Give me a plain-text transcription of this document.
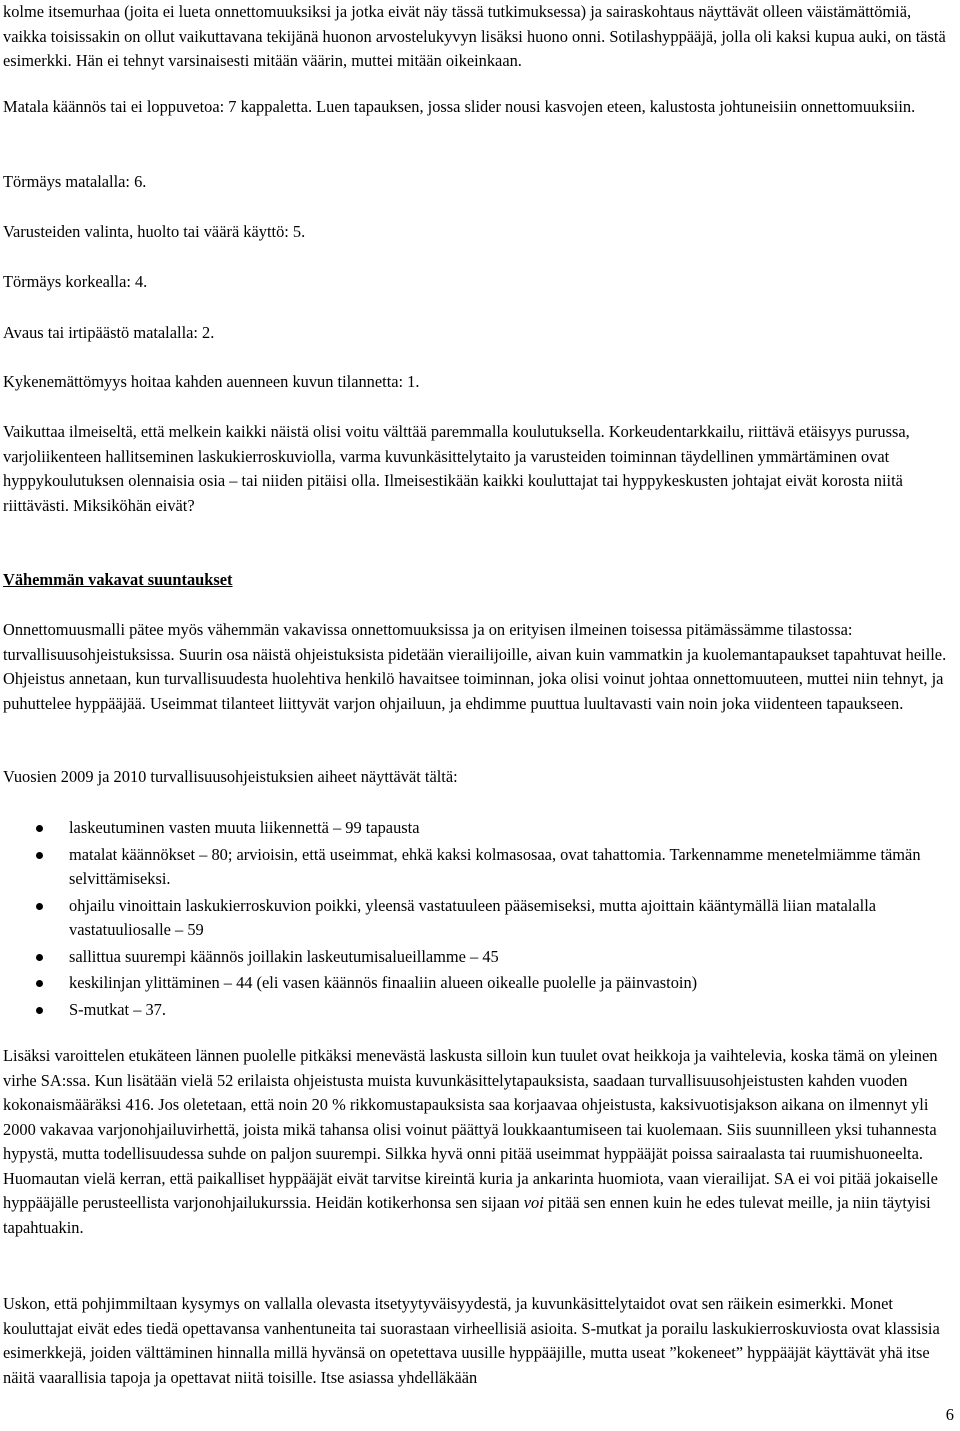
kolme itsemurhaa (joita ei lueta onnettomuuksiksi ja jotka eivät näy tässä tutkimuksessa) ja sairaskohtaus näyttävät olleen väistämättömiä, vaikka toisissakin on ollut vaikuttavana tekijänä huonon arvostelukyvyn lisäksi huono onni. Sotilashyppääjä, jolla oli kaksi kupua auki, on tästä esimerkki. Hän ei tehnyt varsinaisesti mitään väärin, muttei mitään oikeinkaan.

Matala käännös tai ei loppuvetoa: 7 kappaletta. Luen tapauksen, jossa slider nousi kasvojen eteen, kalustosta johtuneisiin onnettomuuksiin.

Törmäys matalalla: 6.

Varusteiden valinta, huolto tai väärä käyttö: 5.

Törmäys korkealla: 4.

Avaus tai irtipäästö matalalla: 2.

Kykenemättömyys hoitaa kahden auenneen kuvun tilannetta: 1.

Vaikuttaa ilmeiseltä, että melkein kaikki näistä olisi voitu välttää paremmalla koulutuksella. Korkeudentarkkailu, riittävä etäisyys purussa, varjoliikenteen hallitseminen laskukierroskuviolla, varma kuvunkäsittelytaito ja varusteiden toiminnan täydellinen ymmärtäminen ovat hyppykoulutuksen olennaisia osia – tai niiden pitäisi olla. Ilmeisestikään kaikki kouluttajat tai hyppykeskusten johtajat eivät korosta niitä riittävästi. Miksiköhän eivät?

Vähemmän vakavat suuntaukset

Onnettomuusmalli pätee myös vähemmän vakavissa onnettomuuksissa ja on erityisen ilmeinen toisessa pitämässämme tilastossa: turvallisuusohjeistuksissa. Suurin osa näistä ohjeistuksista pidetään vierailijoille, aivan kuin vammatkin ja kuolemantapaukset tapahtuvat heille. Ohjeistus annetaan, kun turvallisuudesta huolehtiva henkilö havaitsee toiminnan, joka olisi voinut johtaa onnettomuuteen, muttei niin tehnyt, ja puhuttelee hyppääjää. Useimmat tilanteet liittyvät varjon ohjailuun, ja ehdimme puuttua luultavasti vain noin joka viidenteen tapaukseen.

Vuosien 2009 ja 2010 turvallisuusohjeistuksien aiheet näyttävät tältä:

laskeutuminen vasten muuta liikennettä – 99 tapausta
matalat käännökset – 80; arvioisin, että useimmat, ehkä kaksi kolmasosaa, ovat tahattomia. Tarkennamme menetelmiämme tämän selvittämiseksi.
ohjailu vinoittain laskukierroskuvion poikki, yleensä vastatuuleen pääsemiseksi, mutta ajoittain kääntymällä liian matalalla vastatuuliosalle – 59
sallittua suurempi käännös joillakin laskeutumisalueillamme – 45
keskilinjan ylittäminen – 44 (eli vasen käännös finaaliin alueen oikealle puolelle ja päinvastoin)
S-mutkat – 37.

Lisäksi varoittelen etukäteen lännen puolelle pitkäksi menevästä laskusta silloin kun tuulet ovat heikkoja ja vaihtelevia, koska tämä on yleinen virhe SA:ssa. Kun lisätään vielä 52 erilaista ohjeistusta muista kuvunkäsittelytapauksista, saadaan turvallisuusohjeistusten kahden vuoden kokonaismääräksi 416. Jos oletetaan, että noin 20 % rikkomustapauksista saa korjaavaa ohjeistusta, kaksivuotisjakson aikana on ilmennyt yli 2000 vakavaa varjonohjailuvirhettä, joista mikä tahansa olisi voinut päättyä loukkaantumiseen tai kuolemaan. Siis suunnilleen yksi tuhannesta hypystä, mutta todellisuudessa suhde on paljon suurempi. Silkka hyvä onni pitää useimmat hyppääjät poissa sairaalasta tai ruumishuoneelta. Huomautan vielä kerran, että paikalliset hyppääjät eivät tarvitse kireintä kuria ja ankarinta huomiota, vaan vierailijat. SA ei voi pitää jokaiselle hyppääjälle perusteellista varjonohjailukurssia. Heidän kotikerhonsa sen sijaan voi pitää sen ennen kuin he edes tulevat meille, ja niin täytyisi tapahtuakin.

Uskon, että pohjimmiltaan kysymys on vallalla olevasta itsetyytyväisyydestä, ja kuvunkäsittelytaidot ovat sen räikein esimerkki. Monet kouluttajat eivät edes tiedä opettavansa vanhentuneita tai suorastaan virheellisiä asioita. S-mutkat ja porailu laskukierroskuviosta ovat klassisia esimerkkejä, joiden välttäminen hinnalla millä hyvänsä on opetettava uusille hyppääjille, mutta useat ”kokeneet” hyppääjät käyttävät yhä itse näitä vaarallisia tapoja ja opettavat niitä toisille. Itse asiassa yhdelläkään

6
